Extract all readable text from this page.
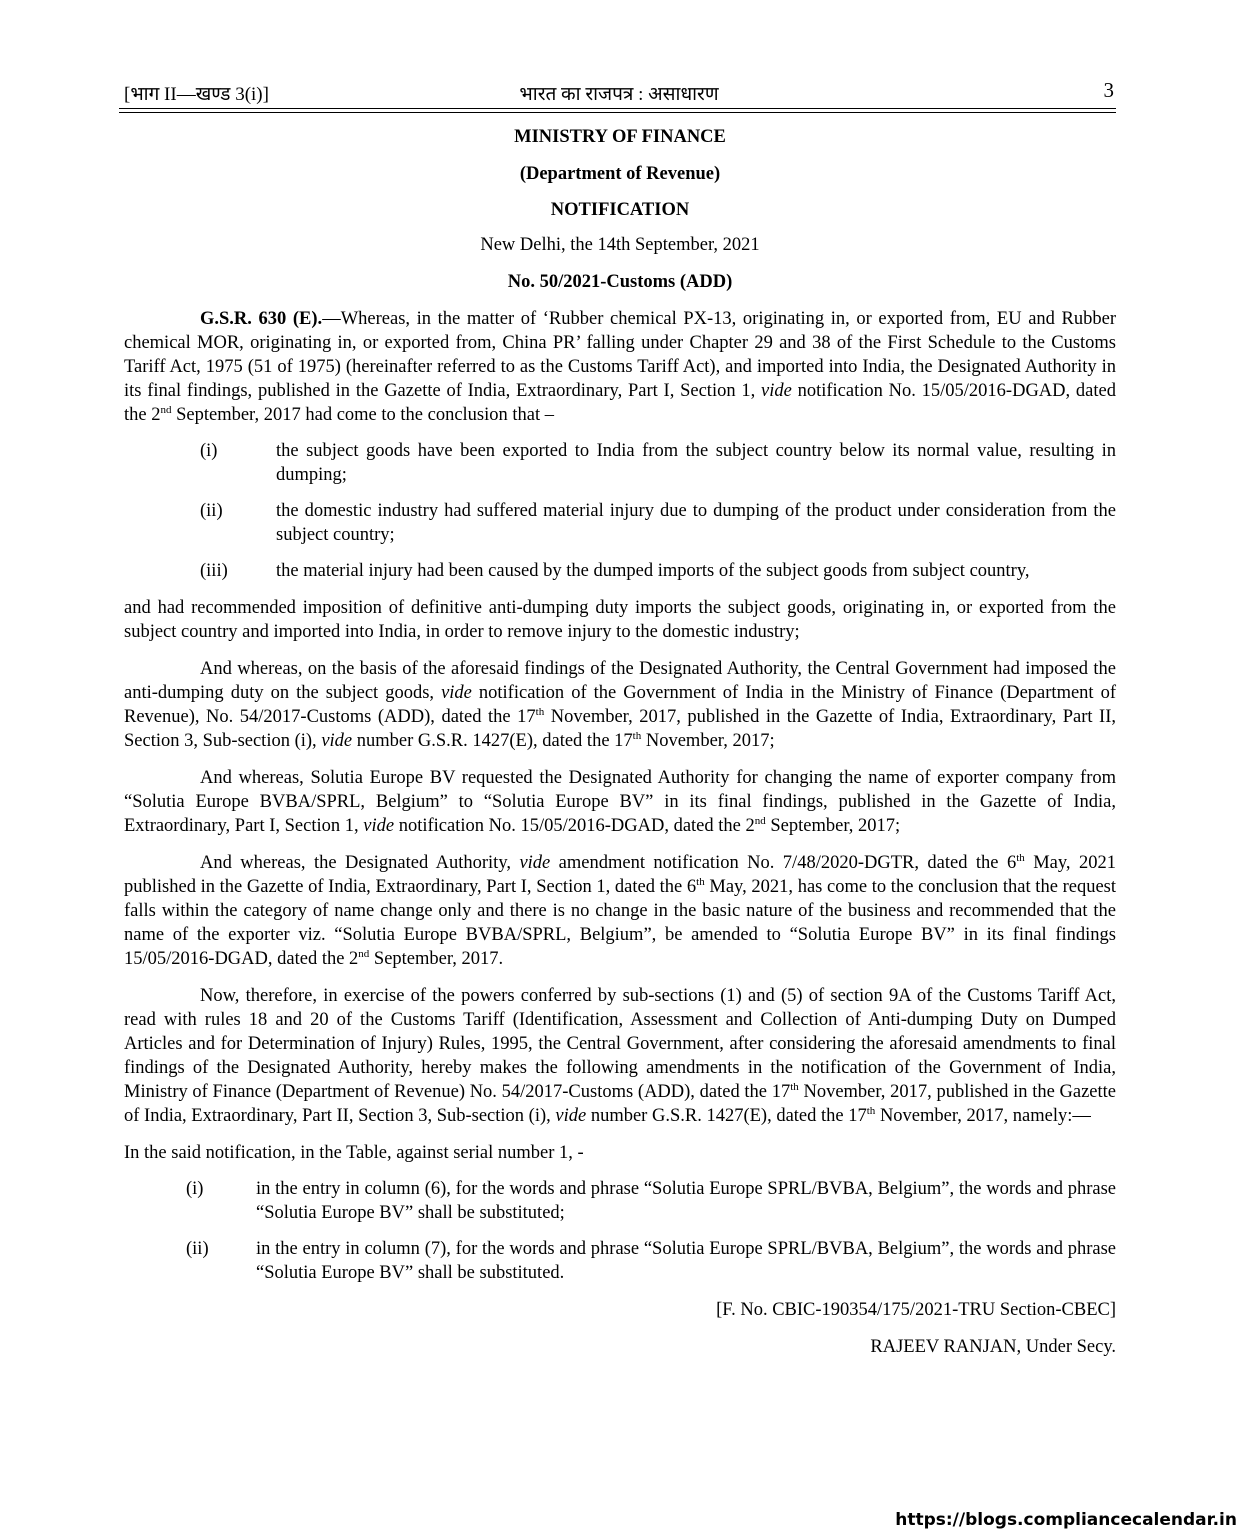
[भाग II—खण्ड 3(i)]	भारत का राजपत्र : असाधारण	3

MINISTRY OF FINANCE

(Department of Revenue)

NOTIFICATION

New Delhi, the 14th September, 2021

No. 50/2021-Customs (ADD)

G.S.R. 630 (E).—Whereas, in the matter of ‘Rubber chemical PX-13, originating in, or exported from, EU and Rubber chemical MOR, originating in, or exported from, China PR’ falling under Chapter 29 and 38 of the First Schedule to the Customs Tariff Act, 1975 (51 of 1975) (hereinafter referred to as the Customs Tariff Act), and imported into India, the Designated Authority in its final findings, published in the Gazette of India, Extraordinary, Part I, Section 1, vide notification No. 15/05/2016-DGAD, dated the 2nd September, 2017 had come to the conclusion that –

(i)	the subject goods have been exported to India from the subject country below its normal value, resulting in dumping;
(ii)	the domestic industry had suffered material injury due to dumping of the product under consideration from the subject country;
(iii)	the material injury had been caused by the dumped imports of the subject goods from subject country,

and had recommended imposition of definitive anti-dumping duty imports the subject goods, originating in, or exported from the subject country and imported into India, in order to remove injury to the domestic industry;

And whereas, on the basis of the aforesaid findings of the Designated Authority, the Central Government had imposed the anti-dumping duty on the subject goods, vide notification of the Government of India in the Ministry of Finance (Department of Revenue), No. 54/2017-Customs (ADD), dated the 17th November, 2017, published in the Gazette of India, Extraordinary, Part II, Section 3, Sub-section (i), vide number G.S.R. 1427(E), dated the 17th November, 2017;

And whereas, Solutia Europe BV requested the Designated Authority for changing the name of exporter company from “Solutia Europe BVBA/SPRL, Belgium” to “Solutia Europe BV” in its final findings, published in the Gazette of India, Extraordinary, Part I, Section 1, vide notification No. 15/05/2016-DGAD, dated the 2nd September, 2017;

And whereas, the Designated Authority, vide amendment notification No. 7/48/2020-DGTR, dated the 6th May, 2021 published in the Gazette of India, Extraordinary, Part I, Section 1, dated the 6th May, 2021, has come to the conclusion that the request falls within the category of name change only and there is no change in the basic nature of the business and recommended that the name of the exporter viz. “Solutia Europe BVBA/SPRL, Belgium”, be amended to “Solutia Europe BV” in its final findings 15/05/2016-DGAD, dated the 2nd September, 2017.

Now, therefore, in exercise of the powers conferred by sub-sections (1) and (5) of section 9A of the Customs Tariff Act, read with rules 18 and 20 of the Customs Tariff (Identification, Assessment and Collection of Anti-dumping Duty on Dumped Articles and for Determination of Injury) Rules, 1995, the Central Government, after considering the aforesaid amendments to final findings of the Designated Authority, hereby makes the following amendments in the notification of the Government of India, Ministry of Finance (Department of Revenue) No. 54/2017-Customs (ADD), dated the 17th November, 2017, published in the Gazette of India, Extraordinary, Part II, Section 3, Sub-section (i), vide number G.S.R. 1427(E), dated the 17th November, 2017, namely:—

In the said notification, in the Table, against serial number 1, -

(i)	in the entry in column (6), for the words and phrase “Solutia Europe SPRL/BVBA, Belgium”, the words and phrase “Solutia Europe BV” shall be substituted;
(ii)	in the entry in column (7), for the words and phrase “Solutia Europe SPRL/BVBA, Belgium”, the words and phrase “Solutia Europe BV” shall be substituted.

[F. No. CBIC-190354/175/2021-TRU Section-CBEC]

RAJEEV RANJAN, Under Secy.

https://blogs.compliancecalendar.in
